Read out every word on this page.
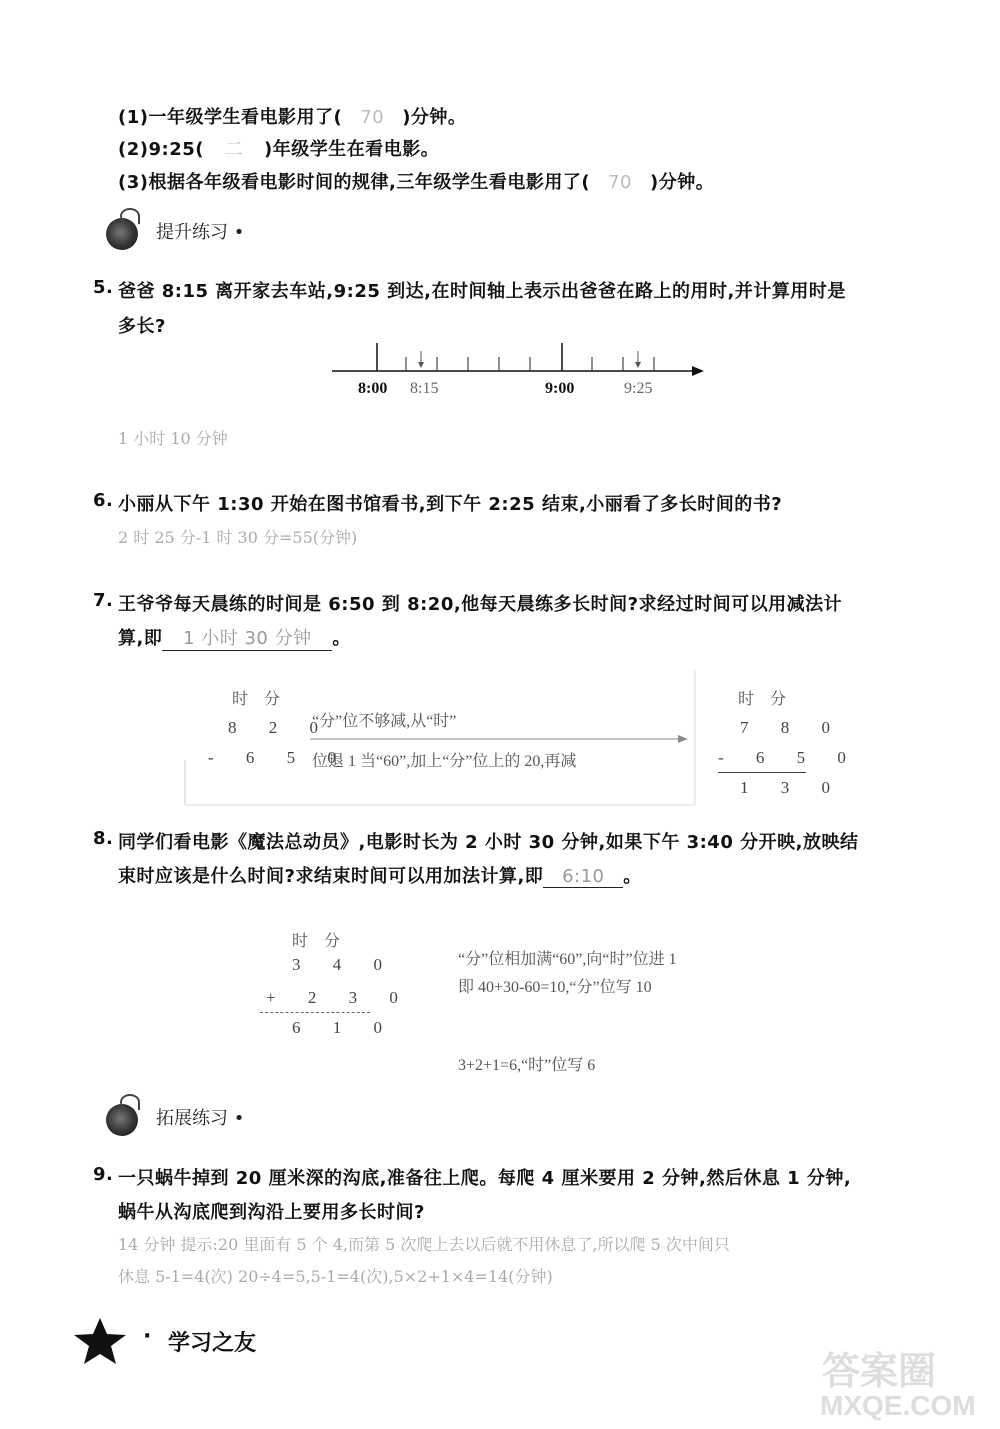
(1)一年级学生看电影用了( 70 )分钟。
(2)9:25( 二 )年级学生在看电影。
(3)根据各年级看电影时间的规律,三年级学生看电影用了( 70 )分钟。
提升练习 •
5. 爸爸 8:15 离开家去车站,9:25 到达,在时间轴上表示出爸爸在路上的用时,并计算用时是
多长?
8:00 8:15	9:00	9:25
1 小时 10 分钟
6. 小丽从下午 1:30 开始在图书馆看书,到下午 2:25 结束,小丽看了多长时间的书?
2 时 25 分-1 时 30 分=55(分钟)
7. 王爷爷每天晨练的时间是 6:50 到 8:20,他每天晨练多长时间?求经过时间可以用减法计
算,即 1 小时 30 分钟 。
时 分
8 2 0
- 6 5 0
“分”位不够减,从“时”
位退 1 当“60”,加上“分”位上的 20,再减
时 分
7 8 0
- 6 5 0
1 3 0
8. 同学们看电影《魔法总动员》,电影时长为 2 小时 30 分钟,如果下午 3:40 分开映,放映结
束时应该是什么时间?求结束时间可以用加法计算,即 6:10 。
时 分
3 4 0
+ 2 3 0
6 1 0
“分”位相加满“60”,向“时”位进 1
即 40+30-60=10,“分”位写 10
3+2+1=6,“时”位写 6
拓展练习 •
9. 一只蜗牛掉到 20 厘米深的沟底,准备往上爬。每爬 4 厘米要用 2 分钟,然后休息 1 分钟,
蜗牛从沟底爬到沟沿上要用多长时间?
14 分钟 提示:20 里面有 5 个 4,而第 5 次爬上去以后就不用休息了,所以爬 5 次中间只
休息 5-1=4(次) 20÷4=5,5-1=4(次),5×2+1×4=14(分钟)
· 学习之友
答案圈
MXQE.COM
